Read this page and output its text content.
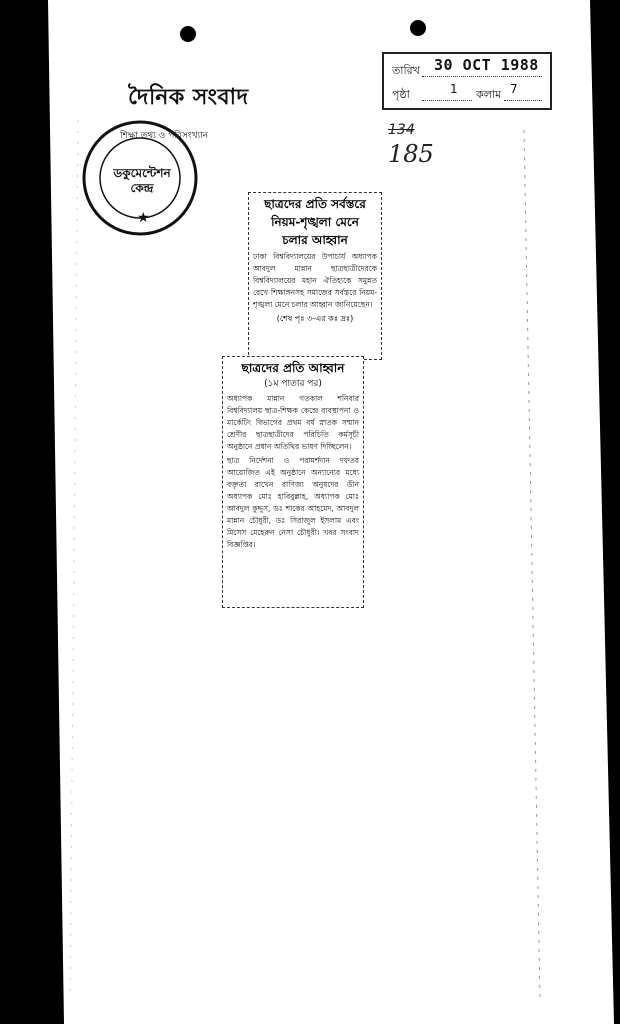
★
দৈনিক সংবাদ
তারিখ 30 OCT 1988
পৃষ্ঠা	1 কলাম 7
134
185
শিক্ষা তথ্য ও পরিসংখ্যান
ডকুমেন্টেশন
কেন্দ্র
ছাত্রদের প্রতি সর্বস্তরে
নিয়ম-শৃঙ্খলা মেনে
চলার আহ্বান
ঢাকা বিশ্ববিদ্যালয়ের উপাচার্য অধ্যাপক আবদুল মান্নান ছাত্রছাত্রীদেরকে বিশ্ববিদ্যালয়ের মহান ঐতিহ্যকে সমুন্নত রেখে শিক্ষাঙ্গনসহ সমাজের সর্বস্তরে নিয়ম-শৃঙ্খলা মেনে চলার আহ্বান জানিয়েছেন।
(শেষ পৃঃ ৩-এর কঃ দ্রঃ)
ছাত্রদের প্রতি আহ্বান
(১ম পাতার পর)
অধ্যাপক মান্নান গতকাল শনিবার বিশ্ববিদ্যালয় ছাত্র-শিক্ষক কেন্দ্রে ব্যবস্থাপনা ও মার্কেটিং বিভাগের প্রথম বর্ষ স্নাতক সম্মান শ্রেণীর ছাত্রছাত্রীদের পরিচিতি কর্মসূচী অনুষ্ঠানে প্রধান অতিথির ভাষণ দিচ্ছিলেন।
ছাত্র নির্দেশনা ও পরামর্শদান দফতর আয়োজিত এই অনুষ্ঠানে অন্যান্যের মধ্যে বক্তৃতা রাখেন বাণিজ্য অনুষদের ডীন অধ্যাপক মোঃ হাবিবুল্লাহ, অধ্যাপক মোঃ আবদুল কুদ্দুস, ডঃ শাকের আহমেদ, আবদুল মান্নান চৌধুরী, ডঃ সিরাজুল ইসলাম এবং মিসেস মেহেরুন নেসা চৌধুরী। খবর সংবাদ বিজ্ঞপ্তির।
